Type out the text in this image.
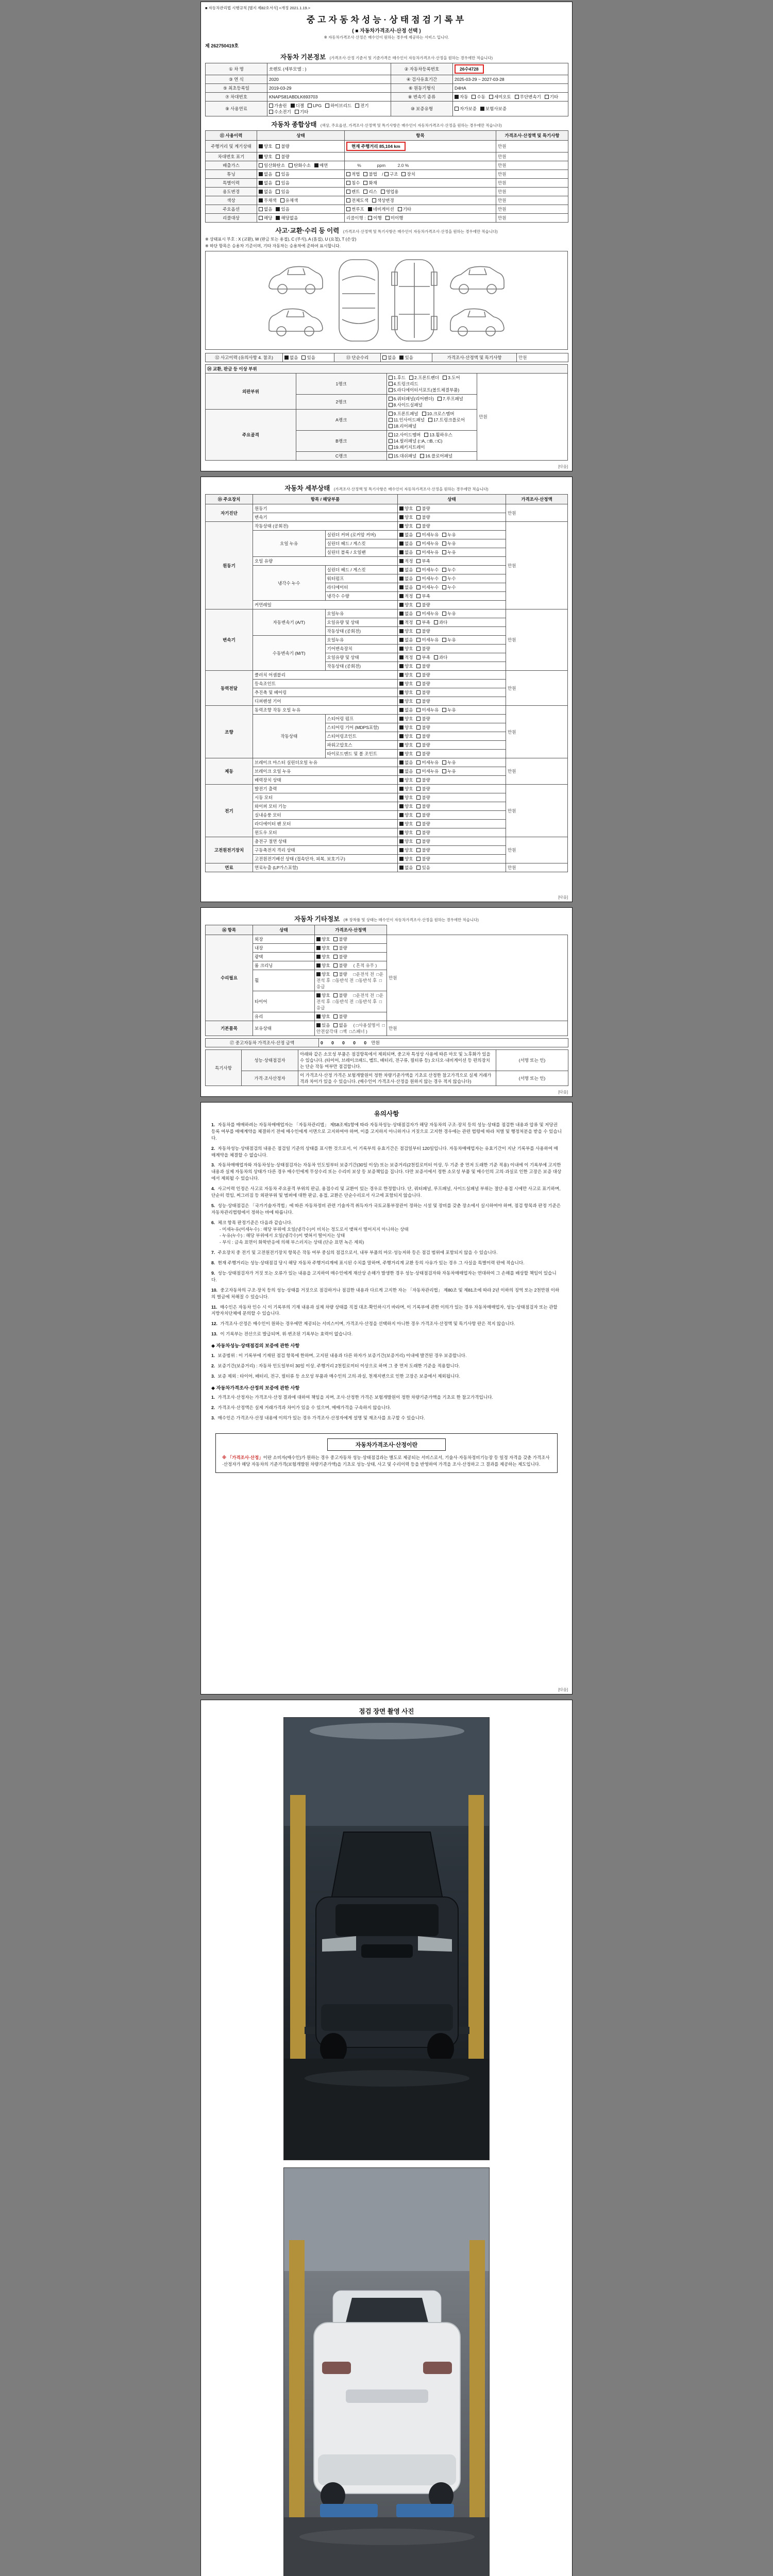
■ 자동차관리법 시행규칙 [별지 제82호서식] <개정 2021.1.19.>
중고자동차성능·상태점검기록부
( ■ 자동차가격조사·산정 선택 )
※ 자동차가격조사·산정은 매수인이 원하는 경우에 제공하는 서비스 입니다.
제 262750419호
자동차 기본정보 (가격조사·산정 기준서 및 기준가격은 매수인이 자동차가격조사·산정을 원하는 경우에만 적습니다)
① 차 명	쏘렌토 (세부모델 : )	② 자동차등록번호	26수4728
③ 연 식	2020	④ 검사유효기간	2025-03-29 ~ 2027-03-28
⑤ 최초등록일	2019-03-29	⑥ 원동기형식	D4HA
⑦ 차대번호	KNAPS81ABDLK693703	⑧ 변속기 종류	자동 수동 세미오토 무단변속기 기타
⑨ 사용연료	가솔린 디젤 LPG 하이브리드 전기수소전기 기타	⑩ 보증유형	자가보증 보험사보증
자동차 종합상태 (색상, 주요옵션, 가격조사·산정액 및 특기사항은 매수인이 자동차가격조사·산정을 원하는 경우에만 적습니다)
⑪ 사용이력	상태	항목	가격조사·산정액 및 특기사항
주행거리 및 계기상태	양호 불량	현재 주행거리 85,104 km	만원
차대번호 표기	양호 불량		만원
배출가스	일산화탄소 탄화수소 매연	%             ppm          2.0 %	만원
튜닝	없음 있음	적법 불법 / 구조 장치	만원
특별이력	없음 있음	침수 화재	만원
용도변경	없음 있음	렌트 리스 영업용	만원
색상	무채색 유채색	전체도색 색상변경	만원
주요옵션	없음 있음	썬루프 네비게이션 기타	만원
리콜대상	해당 해당없음	리콜이행 :  이행 미이행	만원
사고·교환·수리 등 이력 (가격조사·산정액 및 특기사항은 매수인이 자동차가격조사·산정을 원하는 경우에만 적습니다)
※ 상태표시 부호 : X (교환), W (판금 또는 용접), C (부식), A (흠집), U (요철), T (손상)
※ 하단 항목은 승용차 기준이며, 기타 자동차는 승용차에 준하여 표시합니다.
⑫ 사고이력 (유의사항 4. 참조)	없음 있음	⑬ 단순수리	없음 있음	가격조사·산정액 및 특기사항	만원
⑭ 교환, 판금 등 이상 부위			
외판부위	1랭크	1.후드 2.프론트펜더 3.도어4.트렁크리드5.라디에이터서포트(볼트체결부품)	만원
	2랭크	6.쿼터패널(리어펜더) 7.루프패널8.사이드실패널	
주요골격	A랭크	9.프론트패널 10.크로스멤버11.인사이드패널 17.트렁크플로어18.리어패널	
	B랭크	12.사이드멤버 13.휠하우스14.필러패널 (□A, □B, □C)19.패키지트레이	
	C랭크	15.대쉬패널 16.플로어패널	
[다음]
자동차 세부상태 (가격조사·산정액 및 특기사항은 매수인이 자동차가격조사·산정을 원하는 경우에만 적습니다)
⑮ 주요장치	항목 / 해당부품		상태	가격조사·산정액
자기진단	원동기		양호 불량	만원
	변속기		양호 불량	
원동기	작동상태 (공회전)		양호 불량	만원
	오일 누유	실린더 커버 (로커암 커버)	없음 미세누유 누유	
		실린더 헤드 / 게스킷	없음 미세누유 누유	
		실린더 블록 / 오일팬	없음 미세누유 누유	
	오일 유량		적정 부족	
	냉각수 누수	실린더 헤드 / 게스킷	없음 미세누수 누수	
		워터펌프	없음 미세누수 누수	
		라디에이터	없음 미세누수 누수	
		냉각수 수량	적정 부족	
	커먼레일		양호 불량	
변속기	자동변속기 (A/T)	오일누유	없음 미세누유 누유	만원
		오일유량 및 상태	적정 부족 과다	
		작동상태 (공회전)	양호 불량	
	수동변속기 (M/T)	오일누유	없음 미세누유 누유	
		기어변속장치	양호 불량	
		오일유량 및 상태	적정 부족 과다	
		작동상태 (공회전)	양호 불량	
동력전달	클러치 어셈블리		양호 불량	만원
	등속조인트		양호 불량	
	추진축 및 베어링		양호 불량	
	디퍼렌셜 기어		양호 불량	
조향	동력조향 작동 오일 누유		없음 미세누유 누유	만원
	작동상태	스티어링 펌프	양호 불량	
		스티어링 기어 (MDPS포함)	양호 불량	
		스티어링조인트	양호 불량	
		파워고압호스	양호 불량	
		타이로드엔드 및 볼 조인트	양호 불량	
제동	브레이크 마스터 실린더오일 누유		없음 미세누유 누유	만원
	브레이크 오일 누유		없음 미세누유 누유	
	배력장치 상태		양호 불량	
전기	발전기 출력		양호 불량	만원
	시동 모터		양호 불량	
	와이퍼 모터 기능		양호 불량	
	실내송풍 모터		양호 불량	
	라디에이터 팬 모터		양호 불량	
	윈도우 모터		양호 불량	
고전원전기장치	충전구 절연 상태		양호 불량	만원
	구동축전지 격리 상태		양호 불량	
	고전원전기배선 상태 (접속단자, 피복, 보호기구)		양호 불량	
연료	연료누출 (LP가스포함)		없음 있음	만원
[다음]
자동차 기타정보 (※ 장착품 및 상태는 매수인이 자동차가격조사·산정을 원하는 경우에만 적습니다)
⑯ 항목	상태	가격조사·산정액	
수리필요	외장	양호 불량	만원
	내장	양호 불량	
	광택	양호 불량	
	룸 크리닝	양호 불량  ( 흔적 유무 )	
	휠	양호 불량  □운전석 전  □운전석 후  □동반석 전  □동반석 후  □응급	
	타이어	양호 불량  □운전석 전  □운전석 후  □동반석 전  □동반석 후  □응급	
	유리	양호 불량	
기본품목	보유상태	있음 없음  ( □사용설명서  □안전삼각대  □잭  □스패너 )	만원
⑰ 중고자동차 가격조사·산정 금액	0 0 0 0 0 만원
특기사항	성능·상태점검자	아래와 같은 소모성 부품은 점검항목에서 제외되며, 중고차 특성상 사용에 따른 마모 및 노후화가 있을 수 있습니다. (타이어, 브레이크패드, 벨트, 배터리, 전구류, 필터류 등) 오디오·내비게이션 등 편의장치는 단순 작동 여부만 점검합니다.	(서명 또는 인)
	가격·조사산정자	이 가격조사·산정 가격은 보험개발원이 정한 차량기준가액을 기초로 산정한 참고가격으로 실제 거래가격과 차이가 있을 수 있습니다. (매수인이 가격조사·산정을 원하지 않는 경우 적지 않습니다)	(서명 또는 인)
[다음]
유의사항
1. 자동차를 매매하려는 자동차매매업자는 「자동차관리법」 제58조제1항에 따라 자동차성능·상태점검자가 해당 자동차의 구조·장치 등의 성능·상태를 점검한 내용과 압류 및 저당권 등록 여부를 매매계약을 체결하기 전에 매수인에게 서면으로 고지하여야 하며, 이를 고지하지 아니하거나 거짓으로 고지한 경우에는 관련 법령에 따라 처벌 및 행정처분을 받을 수 있습니다.
2. 자동차성능·상태점검의 내용은 점검일 기준의 상태를 표시한 것으로서, 이 기록부의 유효기간은 점검일부터 120일입니다. 자동차매매업자는 유효기간이 지난 기록부를 사용하여 매매계약을 체결할 수 없습니다.
3. 자동차매매업자와 자동차성능·상태점검자는 자동차 인도일부터 보증기간(30일 이상) 또는 보증거리(2천킬로미터 이상, 두 기준 중 먼저 도래한 기준 적용) 이내에 이 기록부에 고지한 내용과 실제 자동차의 상태가 다른 경우 매수인에게 무상수리 또는 수리비 보상 등 보증책임을 집니다. 다만 보증서에서 정한 소모성 부품 및 매수인의 고의·과실로 인한 고장은 보증 대상에서 제외될 수 있습니다.
4. 사고이력 인정은 사고로 자동차 주요골격 부위의 판금, 용접수리 및 교환이 있는 경우로 한정합니다. 단, 쿼터패널, 루프패널, 사이드실패널 부위는 절단·용접 시에만 사고로 표기하며, 단순히 꺾임, 찌그러짐 등 외판부위 및 범퍼에 대한 판금, 용접, 교환은 단순수리로서 사고에 포함되지 않습니다.
5. 성능·상태점검은 「국가기술자격법」에 따른 자동차정비 관련 기술자격 취득자가 국토교통부장관이 정하는 시설 및 장비를 갖춘 장소에서 실시하여야 하며, 점검 항목과 판정 기준은 자동차관리법령에서 정하는 바에 따릅니다.
6. 체크 항목 판정기준은 다음과 같습니다.
- 미세누유(미세누수) : 해당 부위에 오일(냉각수)이 비치는 정도로서 맺혀서 떨어지지 아니하는 상태
- 누유(누수) : 해당 부위에서 오일(냉각수)이 맺혀서 떨어지는 상태
- 부식 : 금속 표면이 화학반응에 의해 부스러지는 상태 (단순 표면 녹은 제외)
7. 주요장치 중 전기 및 고전원전기장치 항목은 작동 여부 중심의 점검으로서, 내부 부품의 마모·성능저하 등은 점검 범위에 포함되지 않을 수 있습니다.
8. 현재 주행거리는 성능·상태점검 당시 해당 자동차 주행거리계에 표시된 수치를 말하며, 주행거리계 교환 등의 사유가 있는 경우 그 사실을 특별이력 란에 적습니다.
9. 성능·상태점검자가 거짓 또는 오류가 있는 내용을 고지하여 매수인에게 재산상 손해가 발생한 경우 성능·상태점검자와 자동차매매업자는 연대하여 그 손해를 배상할 책임이 있습니다.
10. 중고자동차의 구조·장치 등의 성능·상태를 거짓으로 점검하거나 점검한 내용과 다르게 고지한 자는 「자동차관리법」 제80조 및 제81조에 따라 2년 이하의 징역 또는 2천만원 이하의 벌금에 처해질 수 있습니다.
11. 매수인은 자동차 인수 시 이 기록부의 기재 내용과 실제 차량 상태를 직접 대조·확인하시기 바라며, 이 기록부에 관한 이의가 있는 경우 자동차매매업자, 성능·상태점검자 또는 관할 지방자치단체에 문의할 수 있습니다.
12. 가격조사·산정은 매수인이 원하는 경우에만 제공되는 서비스이며, 가격조사·산정을 선택하지 아니한 경우 가격조사·산정액 및 특기사항 란은 적지 않습니다.
13. 이 기록부는 전산으로 발급되며, 위·변조된 기록부는 효력이 없습니다.
◆ 자동차성능·상태점검의 보증에 관한 사항
1. 보증범위 : 이 기록부에 기재된 점검 항목에 한하며, 고지된 내용과 다른 하자가 보증기간(보증거리) 이내에 발견된 경우 보증합니다.
2. 보증기간(보증거리) : 자동차 인도일부터 30일 이상, 주행거리 2천킬로미터 이상으로 하며 그 중 먼저 도래한 기준을 적용합니다.
3. 보증 제외 : 타이어, 배터리, 전구, 필터류 등 소모성 부품과 매수인의 고의·과실, 천재지변으로 인한 고장은 보증에서 제외됩니다.
◆ 자동차가격조사·산정의 보증에 관한 사항
1. 가격조사·산정자는 가격조사·산정 결과에 대하여 책임을 지며, 조사·산정한 가격은 보험개발원이 정한 차량기준가액을 기초로 한 참고가격입니다.
2. 가격조사·산정액은 실제 거래가격과 차이가 있을 수 있으며, 매매가격을 구속하지 않습니다.
3. 매수인은 가격조사·산정 내용에 이의가 있는 경우 가격조사·산정자에게 설명 및 재조사를 요구할 수 있습니다.
자동차가격조사·산정이란
※ 「가격조사·산정」이란 소비자(매수인)가 원하는 경우 중고자동차 성능·상태점검과는 별도로 제공되는 서비스로서, 기술사·자동차정비기능장 등 일정 자격을 갖춘 가격조사·산정자가 해당 자동차의 기준가격(보험개발원 차량기준가액)을 기초로 성능·상태, 사고 및 수리이력 등을 반영하여 가격을 조사·산정하고 그 결과를 제공하는 제도입니다.
[다음]
점검 장면 촬영 사진
